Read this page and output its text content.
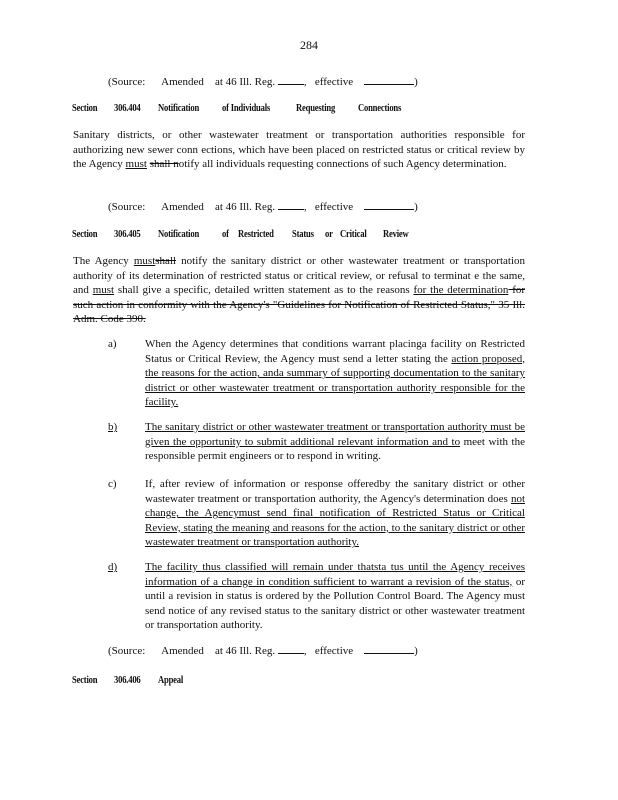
284
(Source: Amended at 46 Ill. Reg.	,   effective	)
Section 306.404 Notification	of Individuals	Requesting	Connections
Sanitary districts, or other wastewater treatment or transportation authorities responsible for authorizing new sewer conn ections, which have been placed on restricted status or critical review by the Agency must shall notify all individuals requesting connections of such Agency determination.
(Source: Amended at 46 Ill. Reg.	,   effective	)
Section 306.405 Notification	of Restricted Status or Critical Review
The Agency mustshall notify the sanitary district or other wastewater treatment or transportation authority of its determination of restricted status or critical review, or refusal to terminat e the same, and must shall give a specific, detailed written statement as to the reasons for the determination for such action in conformity with the Agency's "Guidelines for Notification of Restricted Status," 35 Ill. Adm. Code 390.
a)	When the Agency determines that conditions warrant placinga facility on Restricted Status or Critical Review, the Agency must send a letter stating the action proposed, the reasons for the action, anda summary of supporting documentation to the sanitary district or other wastewater treatment or transportation authority responsible for the facility.
b)	The sanitary district or other wastewater treatment or transportation authority must be given the opportunity to submit additional relevant information and to meet with the responsible permit engineers or to respond in writing.
c)	If, after review of information or response offeredby the sanitary district or other wastewater treatment or transportation authority, the Agency's determination does not change, the Agencymust send final notification of Restricted Status or Critical Review, stating the meaning and reasons for the action, to the sanitary district or other wastewater treatment or transportation authority.
d)	The facility thus classified will remain under thatsta tus until the Agency receives information of a change in condition sufficient to warrant a revision of the status, or until a revision in status is ordered by the Pollution Control Board. The Agency must send notice of any revised status to the sanitary district or other wastewater treatment or transportation authority.
(Source: Amended at 46 Ill. Reg.	,   effective	)
Section 306.406 Appeal
